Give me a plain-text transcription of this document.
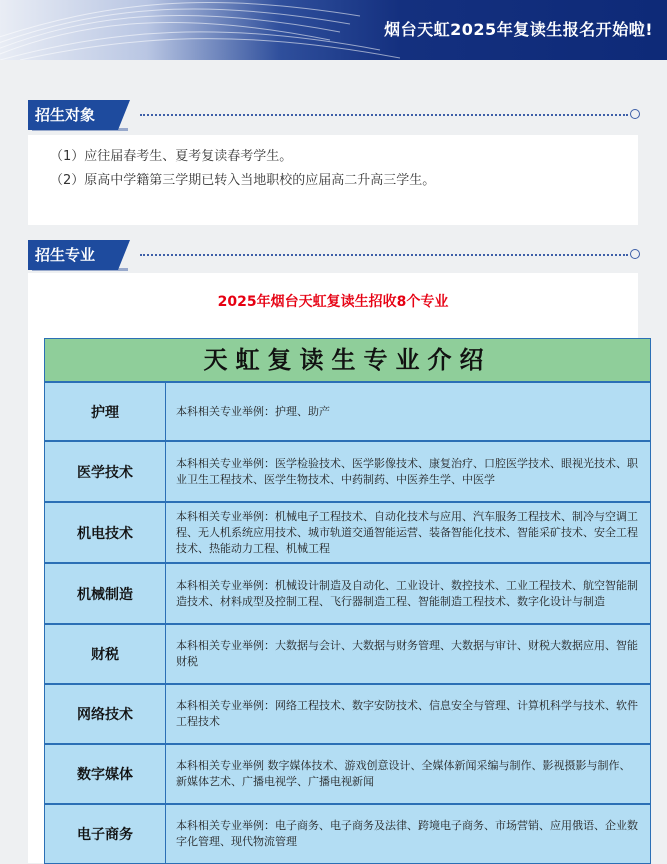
烟台天虹2025年复读生报名开始啦!
招生对象
（1）应往届春考生、夏考复读春考学生。
（2）原高中学籍第三学期已转入当地职校的应届高二升高三学生。
招生专业
2025年烟台天虹复读生招收8个专业
天虹复读生专业介绍
护理	本科相关专业举例：护理、助产
医学技术
本科相关专业举例：医学检验技术、医学影像技术、康复治疗、口腔医学技术、眼视光技术、职业卫生工程技术、医学生物技术、中药制药、中医养生学、中医学
机电技术
本科相关专业举例：机械电子工程技术、自动化技术与应用、汽车服务工程技术、制冷与空调工程、无人机系统应用技术、城市轨道交通智能运营、装备智能化技术、智能采矿技术、安全工程技术、热能动力工程、机械工程
机械制造
本科相关专业举例：机械设计制造及自动化、工业设计、数控技术、工业工程技术、航空智能制造技术、材料成型及控制工程、飞行器制造工程、智能制造工程技术、数字化设计与制造
财税
本科相关专业举例：大数据与会计、大数据与财务管理、大数据与审计、财税大数据应用、智能财税
网络技术
本科相关专业举例：网络工程技术、数字安防技术、信息安全与管理、计算机科学与技术、软件工程技术
数字媒体
本科相关专业举例 数字媒体技术、游戏创意设计、全媒体新闻采编与制作、影视摄影与制作、新媒体艺术、广播电视学、广播电视新闻
电子商务
本科相关专业举例：电子商务、电子商务及法律、跨境电子商务、市场营销、应用俄语、企业数字化管理、现代物流管理
